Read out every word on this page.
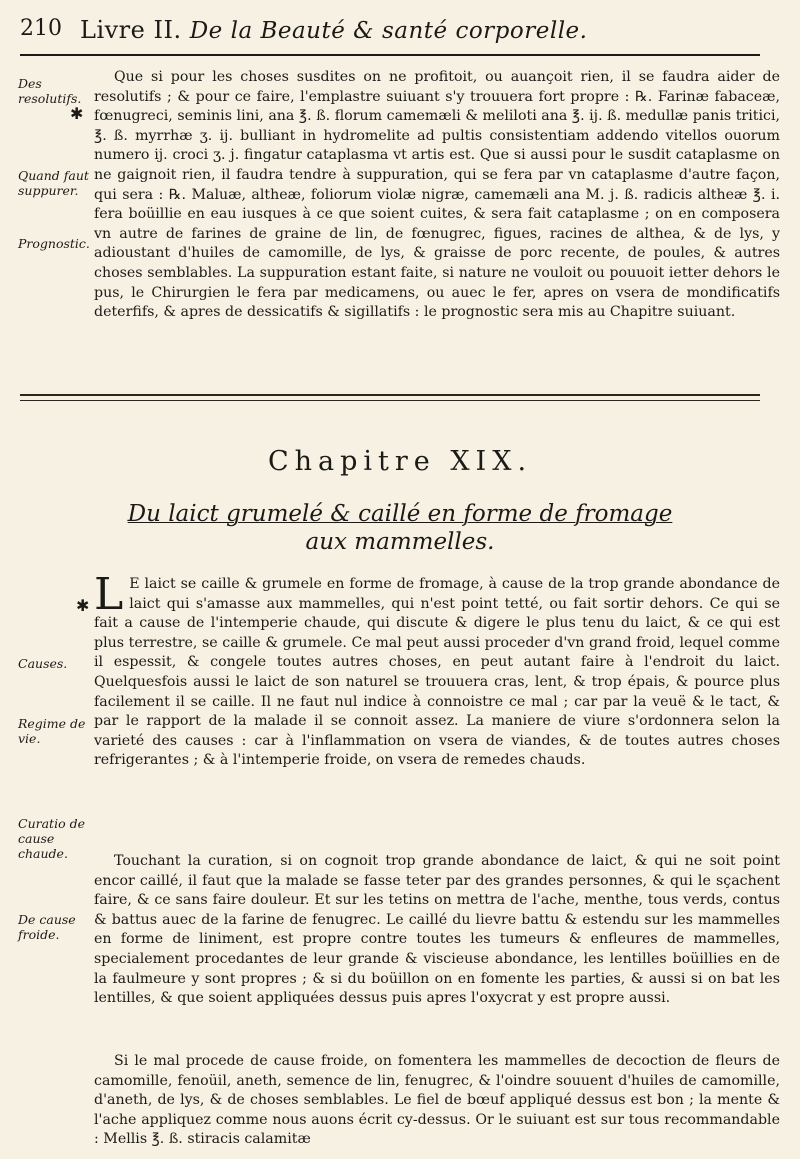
210 Livre II. De la Beauté & santé corporelle.
Des resolutifs.
✱
Quand faut suppurer.
Prognostic.
✱
Causes.
Regime de vie.
Curatio de cause chaude.
De cause froide.

Que si pour les choses susdites on ne profitoit, ou auançoit rien, il se faudra aider de resolutifs ; & pour ce faire, l'emplastre suiuant s'y trouuera fort propre : ℞. Farinæ fabaceæ, fœnugreci, seminis lini, ana ℥. ß. florum camemæli & meliloti ana ℥. ij. ß. medullæ panis tritici, ℥. ß. myrrhæ ʒ. ij. bulliant in hydromelite ad pultis consistentiam addendo vitellos ouorum numero ij. croci ʒ. j. fingatur cataplasma vt artis est. Que si aussi pour le susdit cataplasme on ne gaignoit rien, il faudra tendre à suppuration, qui se fera par vn cataplasme d'autre façon, qui sera : ℞. Maluæ, altheæ, foliorum violæ nigræ, camemæli ana M. j. ß. radicis altheæ ℥. i. fera boüillie en eau iusques à ce que soient cuites, & sera fait cataplasme ; on en composera vn autre de farines de graine de lin, de fœnugrec, figues, racines de althea, & de lys, y adioustant d'huiles de camomille, de lys, & graisse de porc recente, de poules, & autres choses semblables. La suppuration estant faite, si nature ne vouloit ou pouuoit ietter dehors le pus, le Chirurgien le fera par medicamens, ou auec le fer, apres on vsera de mondificatifs deterfifs, & apres de dessicatifs & sigillatifs : le prognostic sera mis au Chapitre suiuant.

Chapitre XIX.
Du laict grumelé & caillé en forme de fromage
aux mammelles.

L E laict se caille & grumele en forme de fromage, à cause de la trop grande abondance de laict qui s'amasse aux mammelles, qui n'est point tetté, ou fait sortir dehors. Ce qui se fait a cause de l'intemperie chaude, qui discute & digere le plus tenu du laict, & ce qui est plus terrestre, se caille & grumele. Ce mal peut aussi proceder d'vn grand froid, lequel comme il espessit, & congele toutes autres choses, en peut autant faire à l'endroit du laict. Quelquesfois aussi le laict de son naturel se trouuera cras, lent, & trop épais, & pource plus facilement il se caille. Il ne faut nul indice à connoistre ce mal ; car par la veuë & le tact, & par le rapport de la malade il se connoit assez. La maniere de viure s'ordonnera selon la varieté des causes : car à l'inflammation on vsera de viandes, & de toutes autres choses refrigerantes ; & à l'intemperie froide, on vsera de remedes chauds.

Touchant la curation, si on cognoit trop grande abondance de laict, & qui ne soit point encor caillé, il faut que la malade se fasse teter par des grandes personnes, & qui le sçachent faire, & ce sans faire douleur. Et sur les tetins on mettra de l'ache, menthe, tous verds, contus & battus auec de la farine de fenugrec. Le caillé du lievre battu & estendu sur les mammelles en forme de liniment, est propre contre toutes les tumeurs & enfleures de mammelles, specialement procedantes de leur grande & viscieuse abondance, les lentilles boüillies en de la faulmeure y sont propres ; & si du boüillon on en fomente les parties, & aussi si on bat les lentilles, & que soient appliquées dessus puis apres l'oxycrat y est propre aussi.

Si le mal procede de cause froide, on fomentera les mammelles de decoction de fleurs de camomille, fenoüil, aneth, semence de lin, fenugrec, & l'oindre souuent d'huiles de camomille, d'aneth, de lys, & de choses semblables. Le fiel de bœuf appliqué dessus est bon ; la mente & l'ache appliquez comme nous auons écrit cy-dessus. Or le suiuant est sur tous recommandable : Mellis ℥. ß. stiracis calamitæ
